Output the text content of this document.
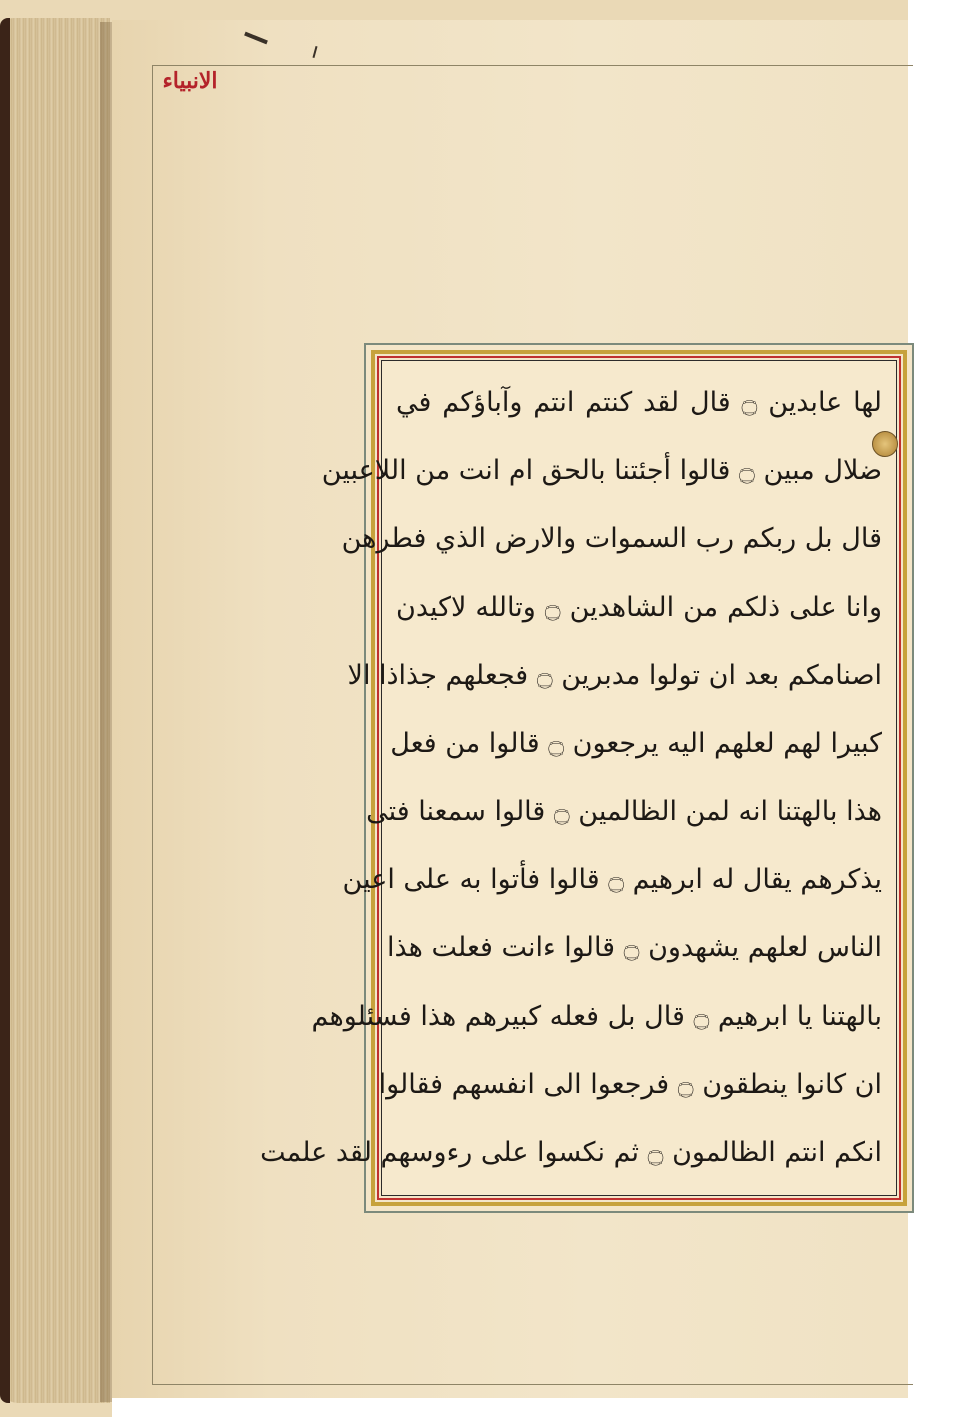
الانبياء
لها عابدين ۝ قال لقد كنتم انتم وآباؤكم في
ضلال مبين ۝ قالوا أجئتنا بالحق ام انت من اللاعبين
قال بل ربكم رب السموات والارض الذي فطرهن
وانا على ذلكم من الشاهدين ۝ وتالله لاكيدن
اصنامكم بعد ان تولوا مدبرين ۝ فجعلهم جذاذا الا
كبيرا لهم لعلهم اليه يرجعون ۝ قالوا من فعل
هذا بالهتنا انه لمن الظالمين ۝ قالوا سمعنا فتى
يذكرهم يقال له ابرهيم ۝ قالوا فأتوا به على اعين
الناس لعلهم يشهدون ۝ قالوا ءانت فعلت هذا
بالهتنا يا ابرهيم ۝ قال بل فعله كبيرهم هذا فسئلوهم
ان كانوا ينطقون ۝ فرجعوا الى انفسهم فقالوا
انكم انتم الظالمون ۝ ثم نكسوا على رءوسهم لقد علمت
